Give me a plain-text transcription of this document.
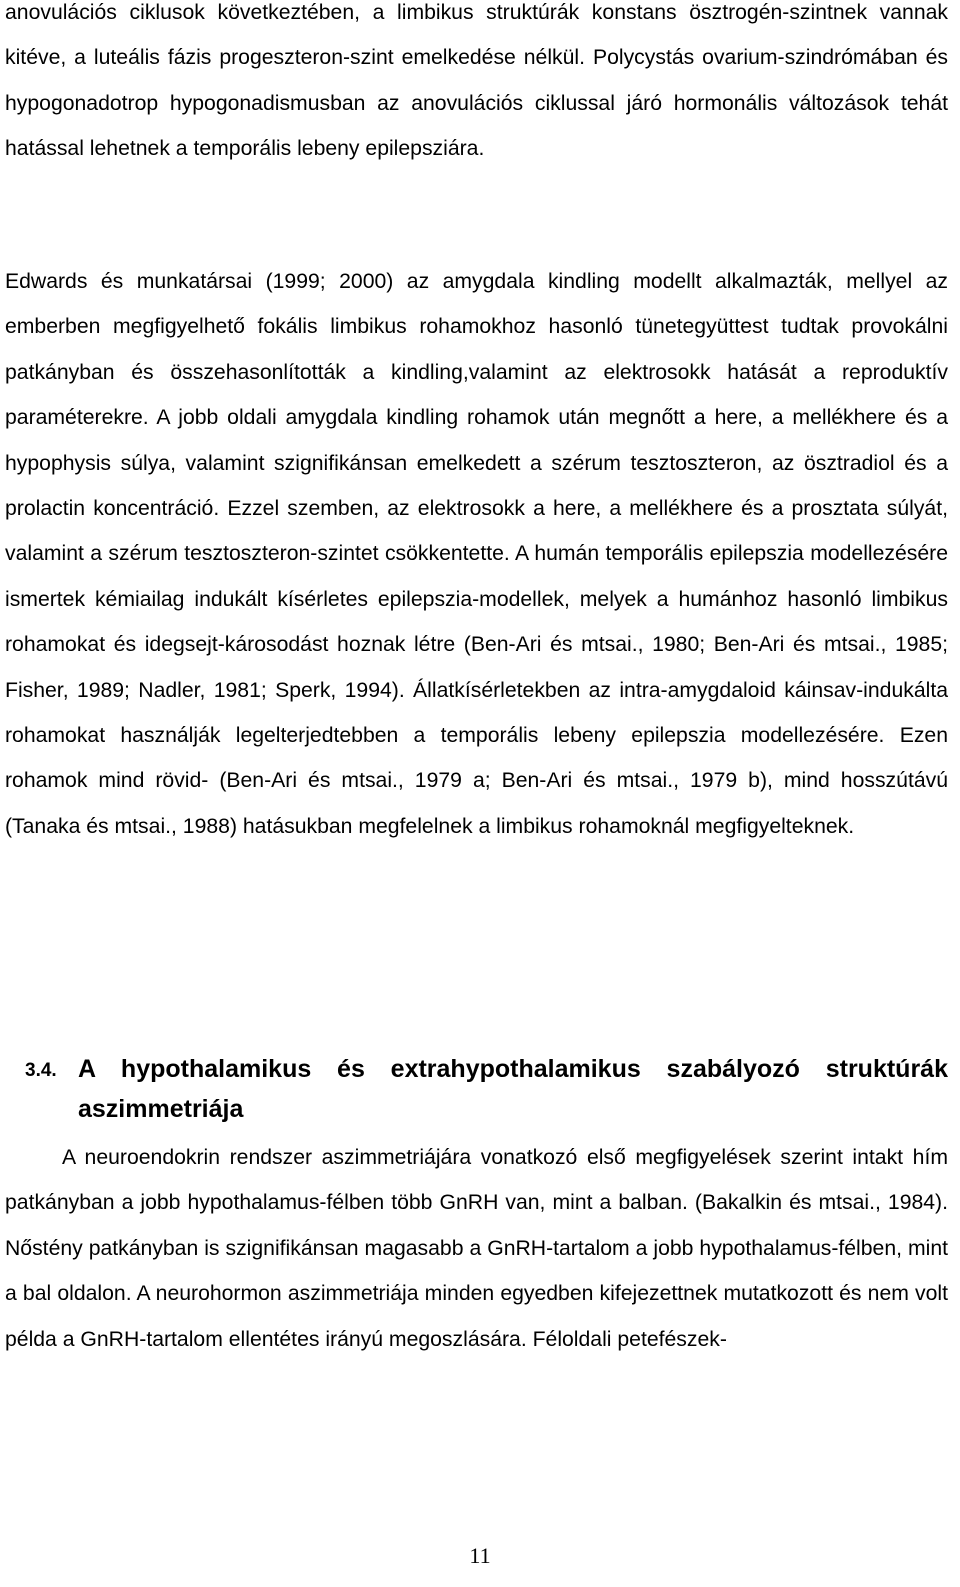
anovulációs ciklusok következtében, a limbikus struktúrák konstans ösztrogén-szintnek vannak kitéve, a luteális fázis progeszteron-szint emelkedése nélkül. Polycystás ovarium-szindrómában és hypogonadotrop hypogonadismusban az anovulációs ciklussal járó hormonális változások tehát hatással lehetnek a temporális lebeny epilepsziára.

Edwards és munkatársai (1999; 2000) az amygdala kindling modellt alkalmazták, mellyel az emberben megfigyelhető fokális limbikus rohamokhoz hasonló tünetegyüttest tudtak provokálni patkányban és összehasonlították a kindling,valamint az elektrosokk hatását a reproduktív paraméterekre. A jobb oldali amygdala kindling rohamok után megnőtt a here, a mellékhere és a hypophysis súlya, valamint szignifikánsan emelkedett a szérum tesztoszteron, az ösztradiol és a prolactin koncentráció. Ezzel szemben, az elektrosokk a here, a mellékhere és a prosztata súlyát, valamint a szérum tesztoszteron-szintet csökkentette. A humán temporális epilepszia modellezésére ismertek kémiailag indukált kísérletes epilepszia-modellek, melyek a humánhoz hasonló limbikus rohamokat és idegsejt-károsodást hoznak létre (Ben-Ari és mtsai., 1980; Ben-Ari és mtsai., 1985; Fisher, 1989; Nadler, 1981; Sperk, 1994). Állatkísérletekben az intra-amygdaloid káinsav-indukálta rohamokat használják legelterjedtebben a temporális lebeny epilepszia modellezésére. Ezen rohamok mind rövid- (Ben-Ari és mtsai., 1979 a; Ben-Ari és mtsai., 1979 b), mind hosszútávú (Tanaka és mtsai., 1988) hatásukban megfelelnek a limbikus rohamoknál megfigyelteknek.

3.4. A hypothalamikus és extrahypothalamikus szabályozó struktúrák aszimmetriája

A neuroendokrin rendszer aszimmetriájára vonatkozó első megfigyelések szerint intakt hím patkányban a jobb hypothalamus-félben több GnRH van, mint a balban. (Bakalkin és mtsai., 1984). Nőstény patkányban is szignifikánsan magasabb a GnRH-tartalom a jobb hypothalamus-félben, mint a bal oldalon. A neurohormon aszimmetriája minden egyedben kifejezettnek mutatkozott és nem volt példa a GnRH-tartalom ellentétes irányú megoszlására. Féloldali petefészek-

11
